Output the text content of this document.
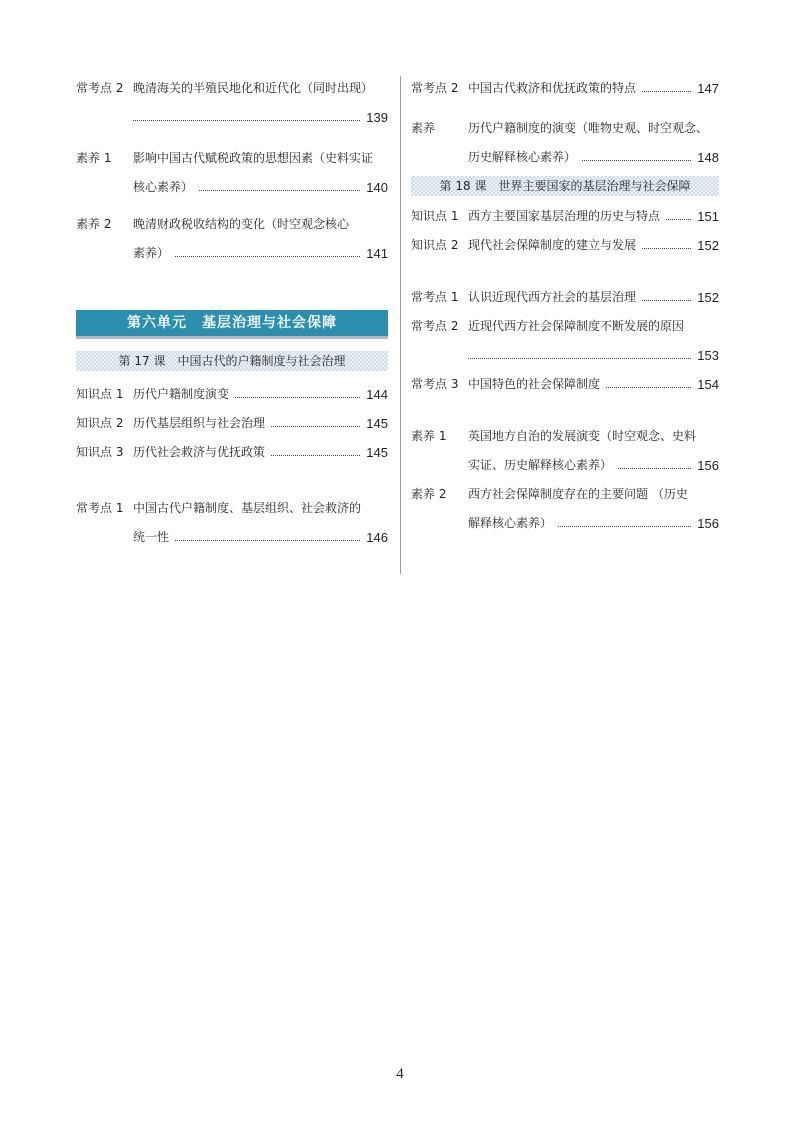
常考点 2 晚清海关的半殖民地化和近代化（同时出现）
139
素养 1 影响中国古代赋税政策的思想因素（史料实证
核心素养）	140
素养 2 晚清财政税收结构的变化（时空观念核心
素养）	141
第六单元　基层治理与社会保障
第 17 课　中国古代的户籍制度与社会治理
知识点 1 历代户籍制度演变	144
知识点 2 历代基层组织与社会治理	145
知识点 3 历代社会救济与优抚政策	145
常考点 1 中国古代户籍制度、基层组织、社会救济的
统一性	146
常考点 2 中国古代救济和优抚政策的特点	147
素养	历代户籍制度的演变（唯物史观、时空观念、
历史解释核心素养）	148
第 18 课　世界主要国家的基层治理与社会保障
知识点 1 西方主要国家基层治理的历史与特点	151
知识点 2 现代社会保障制度的建立与发展	152
常考点 1 认识近现代西方社会的基层治理	152
常考点 2 近现代西方社会保障制度不断发展的原因
153
常考点 3 中国特色的社会保障制度	154
素养 1 英国地方自治的发展演变（时空观念、史料
实证、历史解释核心素养）	156
素养 2 西方社会保障制度存在的主要问题 （历史
解释核心素养）	156
4
